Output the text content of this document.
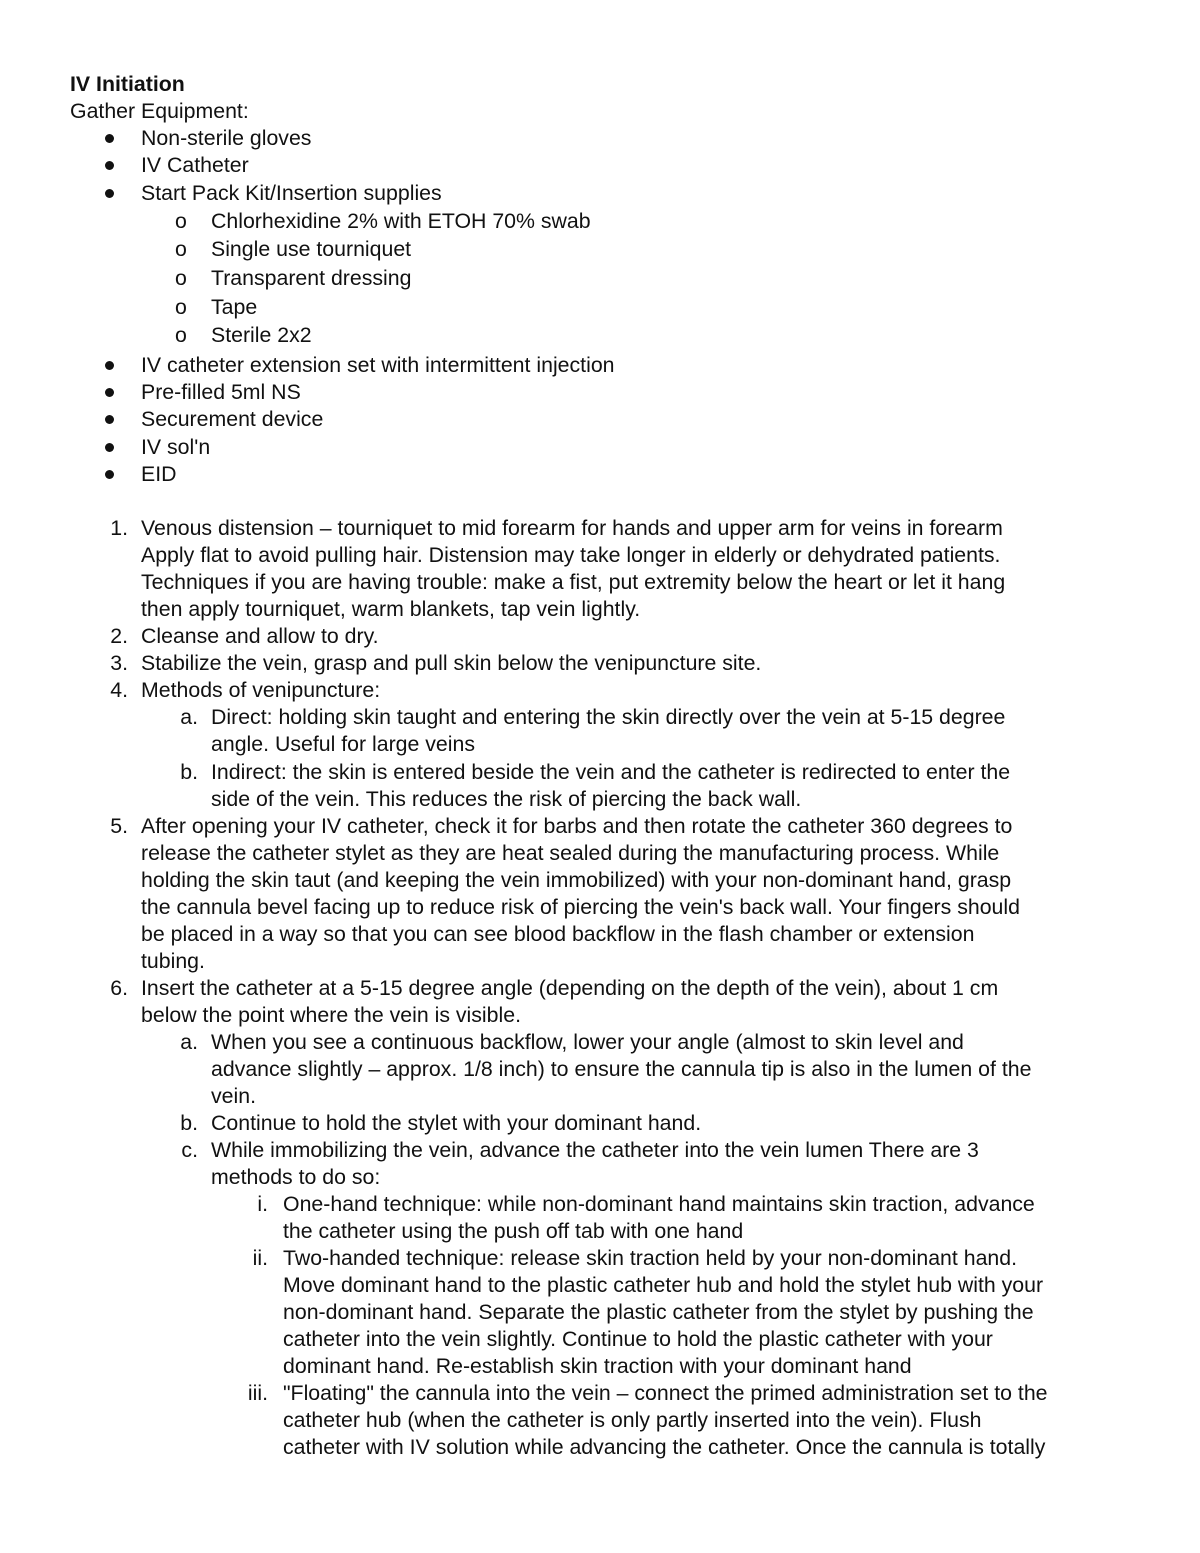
IV Initiation
Gather Equipment:
Non-sterile gloves
IV Catheter
Start Pack Kit/Insertion supplies
o Chlorhexidine 2% with ETOH 70% swab
o Single use tourniquet
o Transparent dressing
o Tape
o Sterile 2x2
IV catheter extension set with intermittent injection
Pre-filled 5ml NS
Securement device
IV sol'n
EID
1. Venous distension – tourniquet to mid forearm for hands and upper arm for veins in forearm
Apply flat to avoid pulling hair. Distension may take longer in elderly or dehydrated patients.
Techniques if you are having trouble: make a fist, put extremity below the heart or let it hang
then apply tourniquet, warm blankets, tap vein lightly.
2. Cleanse and allow to dry.
3. Stabilize the vein, grasp and pull skin below the venipuncture site.
4. Methods of venipuncture:
a. Direct: holding skin taught and entering the skin directly over the vein at 5-15 degree
angle. Useful for large veins
b. Indirect: the skin is entered beside the vein and the catheter is redirected to enter the
side of the vein. This reduces the risk of piercing the back wall.
5. After opening your IV catheter, check it for barbs and then rotate the catheter 360 degrees to
release the catheter stylet as they are heat sealed during the manufacturing process. While
holding the skin taut (and keeping the vein immobilized) with your non-dominant hand, grasp
the cannula bevel facing up to reduce risk of piercing the vein's back wall. Your fingers should
be placed in a way so that you can see blood backflow in the flash chamber or extension
tubing.
6. Insert the catheter at a 5-15 degree angle (depending on the depth of the vein), about 1 cm
below the point where the vein is visible.
a. When you see a continuous backflow, lower your angle (almost to skin level and
advance slightly – approx. 1/8 inch) to ensure the cannula tip is also in the lumen of the
vein.
b. Continue to hold the stylet with your dominant hand.
c. While immobilizing the vein, advance the catheter into the vein lumen There are 3
methods to do so:
i. One-hand technique: while non-dominant hand maintains skin traction, advance
the catheter using the push off tab with one hand
ii. Two-handed technique: release skin traction held by your non-dominant hand.
Move dominant hand to the plastic catheter hub and hold the stylet hub with your
non-dominant hand. Separate the plastic catheter from the stylet by pushing the
catheter into the vein slightly. Continue to hold the plastic catheter with your
dominant hand. Re-establish skin traction with your dominant hand
iii. "Floating" the cannula into the vein – connect the primed administration set to the
catheter hub (when the catheter is only partly inserted into the vein). Flush
catheter with IV solution while advancing the catheter. Once the cannula is totally
